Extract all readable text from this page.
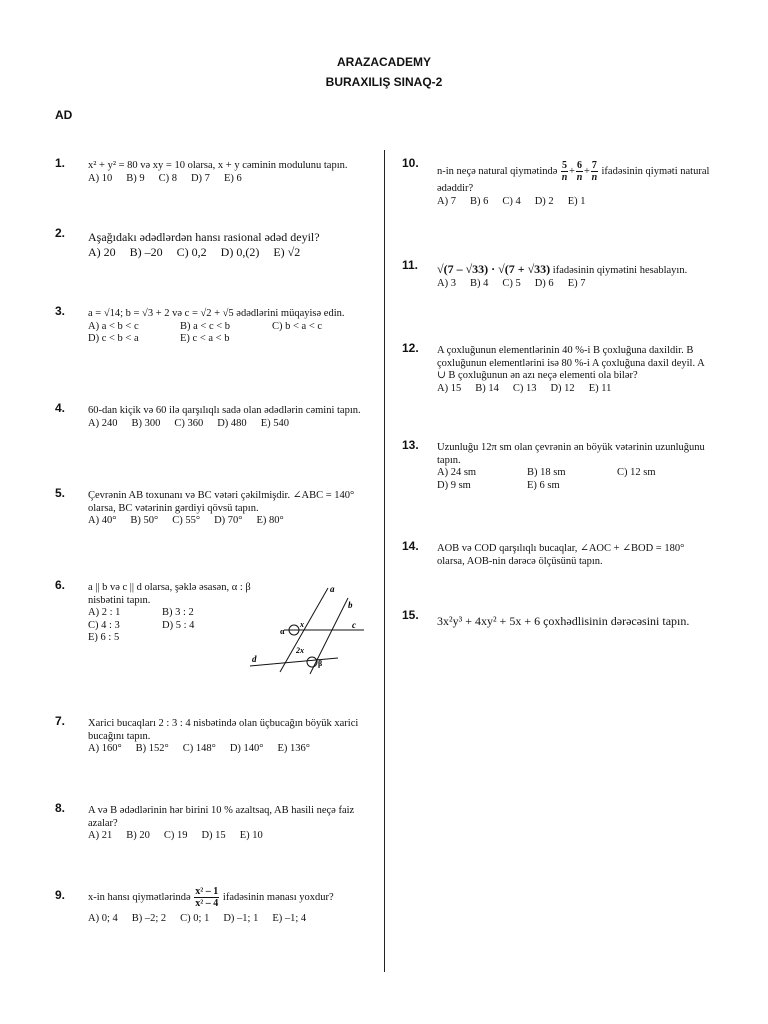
ARAZACADEMY
BURAXILIŞ SINAQ-2
AD
1. x² + y² = 80 və xy = 10 olarsa, x + y cəminin modulunu tapın.
A) 10 B) 9 C) 8 D) 7 E) 6
2. Aşağıdakı ədədlərdən hansı rasional ədəd deyil?
A) 20 B) –20 C) 0,2 D) 0,(2) E) √2
3. a = √14; b = √3 + 2 və c = √2 + √5 ədədlərini müqayisə edin.
A) a < b < c	B) a < c < b	C) b < a < c
D) c < b < a	E) c < a < b
4. 60-dan kiçik və 60 ilə qarşılıqlı sadə olan ədədlərin cəmini tapın.
A) 240 B) 300 C) 360 D) 480 E) 540
5. Çevrənin AB toxunanı və BC vətəri çəkilmişdir. ∠ABC = 140° olarsa, BC vətərinin gərdiyi qövsü tapın.
A) 40° B) 50° C) 55° D) 70° E) 80°
6. a || b və c || d olarsa, şəklə əsasən, α : β nisbətini tapın.
A) 2 : 1	B) 3 : 2
C) 4 : 3	D) 5 : 4
E) 6 : 5
a
b
c
d
x
2x
α
β
7. Xarici bucaqları 2 : 3 : 4 nisbətində olan üçbucağın böyük xarici bucağını tapın.
A) 160° B) 152° C) 148° D) 140° E) 136°
8. A və B ədədlərinin hər birini 10 % azaltsaq, AB hasili neçə faiz azalar?
A) 21 B) 20 C) 19 D) 15 E) 10
9. x-in hansı qiymətlərində $\frac{\text{x² – 1}}{\text{x² – 4}}$ ifadəsinin mənası yoxdur?
A) 0; 4 B) –2; 2 C) 0; 1 D) –1; 1 E) –1; 4
10.
n-in neçə natural qiymətində $\frac{5}{n} + \frac{6}{n} + \frac{7}{n}$ ifadəsinin qiyməti natural ədəddir?
A) 7 B) 6 C) 4 D) 2 E) 1
11. √(7 – √33) · √(7 + √33) ifadəsinin qiymətini hesablayın.
A) 3 B) 4 C) 5 D) 6 E) 7
12. A çoxluğunun elementlərinin 40 %-i B çoxluğuna daxildir. B çoxluğunun elementlərini isə 80 %-i A çoxluğuna daxil deyil. A ∪ B çoxluğunun ən azı neçə elementi ola bilər?
A) 15 B) 14 C) 13 D) 12 E) 11
13. Uzunluğu 12π sm olan çevrənin ən böyük vətərinin uzunluğunu tapın.
A) 24 sm	B) 18 sm	C) 12 sm
D) 9 sm	E) 6 sm
14. AOB və COD qarşılıqlı bucaqlar, ∠AOC + ∠BOD = 180° olarsa, AOB-nin dərəcə ölçüsünü tapın.
15. 3x²y³ + 4xy² + 5x + 6 çoxhədlisinin dərəcəsini tapın.
